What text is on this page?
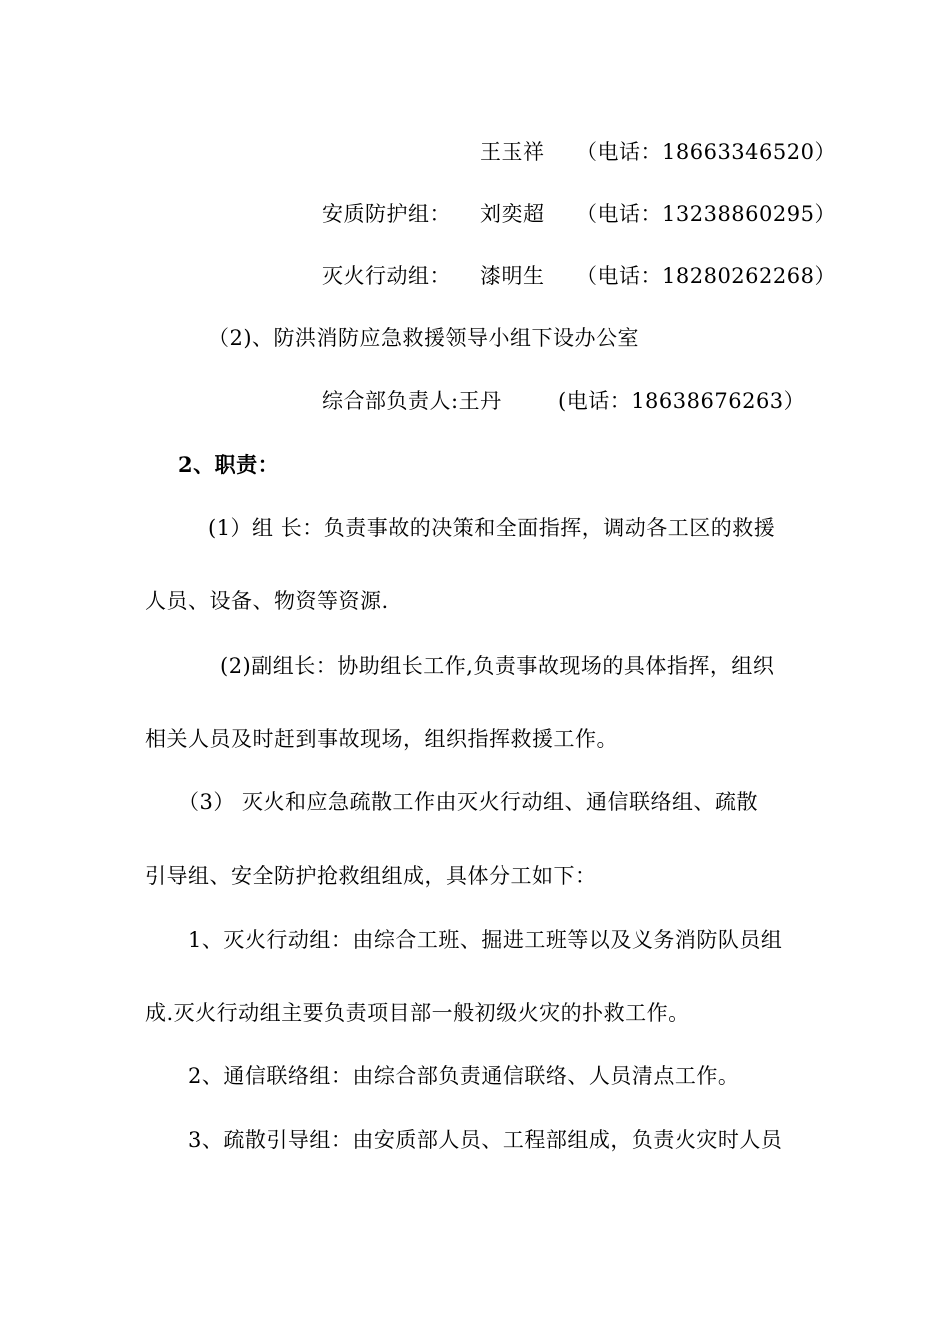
王玉祥 （电话：18663346520）
安质防护组： 刘奕超 （电话：13238860295）
灭火行动组： 漆明生 （电话：18280262268）
（2)、防洪消防应急救援领导小组下设办公室
综合部负责人:王丹	(电话：18638676263）
2、职责：
(1）组 长：负责事故的决策和全面指挥，调动各工区的救援
人员、设备、物资等资源.
(2)副组长：协助组长工作,负责事故现场的具体指挥，组织
相关人员及时赶到事故现场，组织指挥救援工作。
（3） 灭火和应急疏散工作由灭火行动组、通信联络组、疏散
引导组、安全防护抢救组组成，具体分工如下：
1、灭火行动组：由综合工班、掘进工班等以及义务消防队员组
成.灭火行动组主要负责项目部一般初级火灾的扑救工作。
2、通信联络组：由综合部负责通信联络、人员清点工作。
3、疏散引导组：由安质部人员、工程部组成，负责火灾时人员
